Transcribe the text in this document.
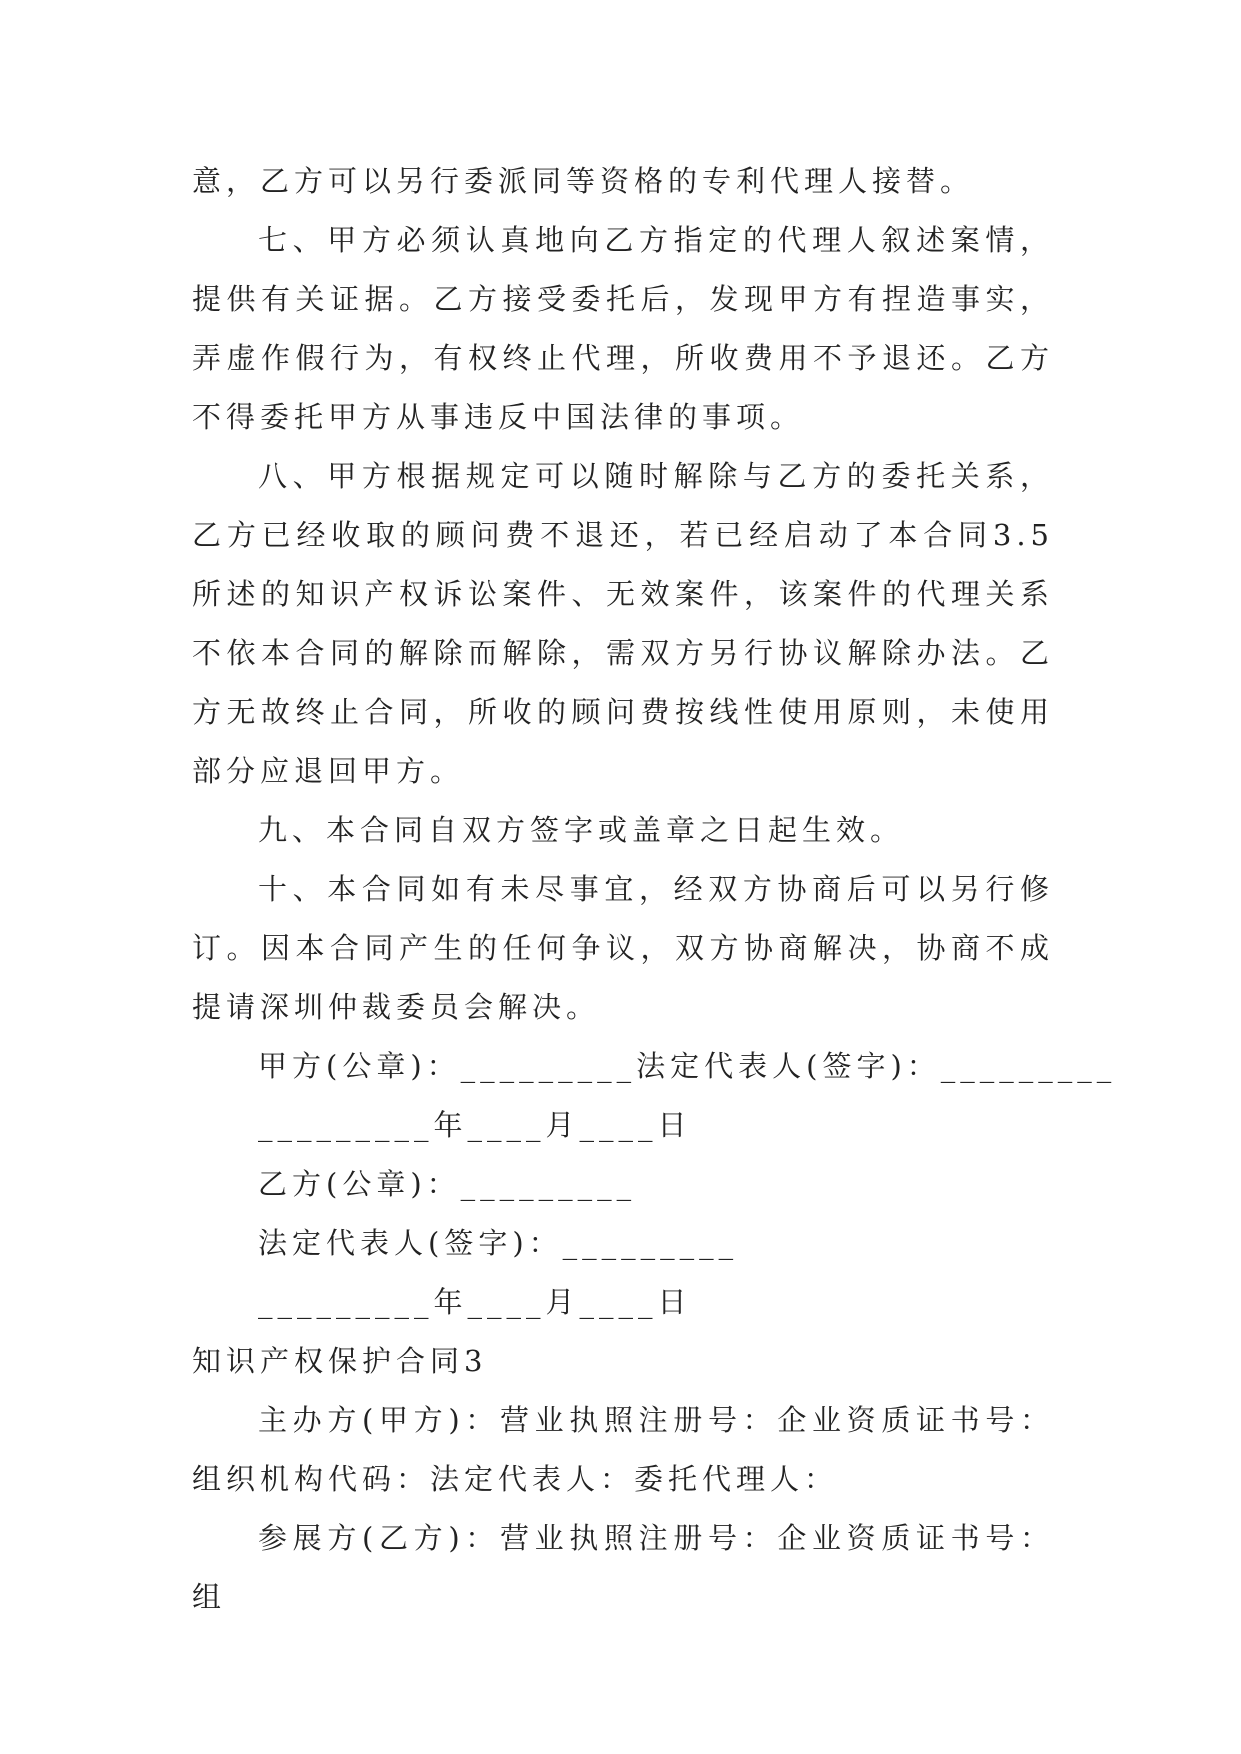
意，乙方可以另行委派同等资格的专利代理人接替。

七、甲方必须认真地向乙方指定的代理人叙述案情，提供有关证据。乙方接受委托后，发现甲方有捏造事实，弄虚作假行为，有权终止代理，所收费用不予退还。乙方不得委托甲方从事违反中国法律的事项。

八、甲方根据规定可以随时解除与乙方的委托关系，乙方已经收取的顾问费不退还，若已经启动了本合同3.5所述的知识产权诉讼案件、无效案件，该案件的代理关系不依本合同的解除而解除，需双方另行协议解除办法。乙方无故终止合同，所收的顾问费按线性使用原则，未使用部分应退回甲方。

九、本合同自双方签字或盖章之日起生效。

十、本合同如有未尽事宜，经双方协商后可以另行修订。因本合同产生的任何争议，双方协商解决，协商不成提请深圳仲裁委员会解决。

甲方(公章)：_________法定代表人(签字)：_________
_________年____月____日
乙方(公章)：_________
法定代表人(签字)：_________
_________年____月____日
知识产权保护合同3

主办方(甲方)：营业执照注册号：企业资质证书号：组织机构代码：法定代表人：委托代理人：

参展方(乙方)：营业执照注册号：企业资质证书号：组
